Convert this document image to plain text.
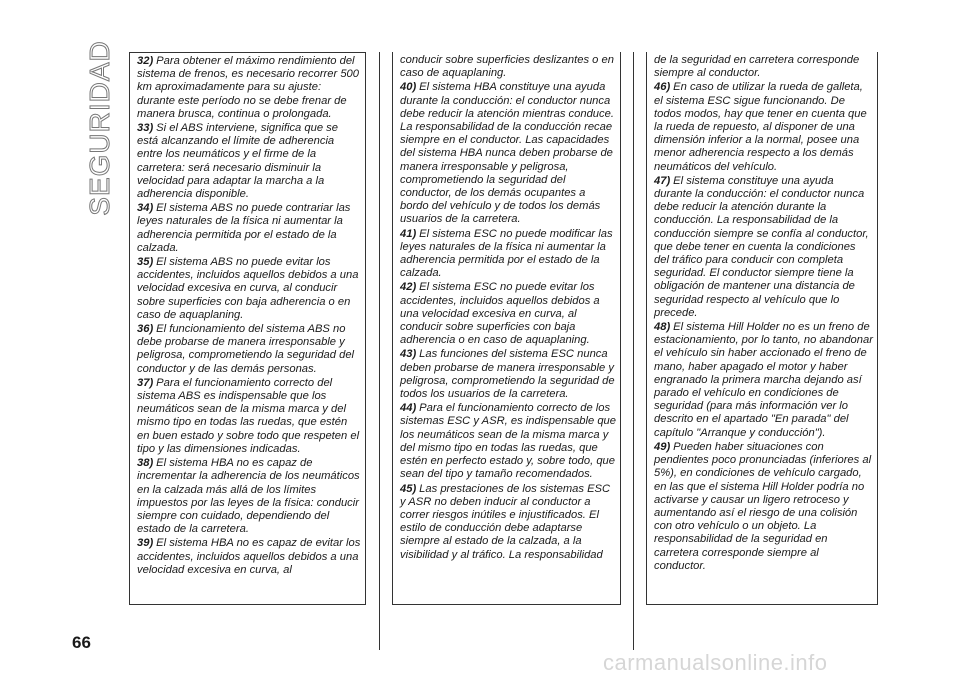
SEGURIDAD 32) Para obtener el máximo rendimiento del sistema de frenos, es necesario recorrer 500 km aproximadamente para su ajuste: durante este período no se debe frenar de manera brusca, continua o prolongada.

33) Si el ABS interviene, significa que se está alcanzando el límite de adherencia entre los neumáticos y el firme de la carretera: será necesario disminuir la velocidad para adaptar la marcha a la adherencia disponible.

34) El sistema ABS no puede contrariar las leyes naturales de la física ni aumentar la adherencia permitida por el estado de la calzada.

35) El sistema ABS no puede evitar los accidentes, incluidos aquellos debidos a una velocidad excesiva en curva, al conducir sobre superficies con baja adherencia o en caso de aquaplaning.

36) El funcionamiento del sistema ABS no debe probarse de manera irresponsable y peligrosa, comprometiendo la seguridad del conductor y de las demás personas.

37) Para el funcionamiento correcto del sistema ABS es indispensable que los neumáticos sean de la misma marca y del mismo tipo en todas las ruedas, que estén en buen estado y sobre todo que respeten el tipo y las dimensiones indicadas.

38) El sistema HBA no es capaz de incrementar la adherencia de los neumáticos en la calzada más allá de los límites impuestos por las leyes de la física: conducir siempre con cuidado, dependiendo del estado de la carretera.

39) El sistema HBA no es capaz de evitar los accidentes, incluidos aquellos debidos a una velocidad excesiva en curva, al

conducir sobre superficies deslizantes o en caso de aquaplaning.

40) El sistema HBA constituye una ayuda durante la conducción: el conductor nunca debe reducir la atención mientras conduce. La responsabilidad de la conducción recae siempre en el conductor. Las capacidades del sistema HBA nunca deben probarse de manera irresponsable y peligrosa, comprometiendo la seguridad del conductor, de los demás ocupantes a bordo del vehículo y de todos los demás usuarios de la carretera.

41) El sistema ESC no puede modificar las leyes naturales de la física ni aumentar la adherencia permitida por el estado de la calzada.

42) El sistema ESC no puede evitar los accidentes, incluidos aquellos debidos a una velocidad excesiva en curva, al conducir sobre superficies con baja adherencia o en caso de aquaplaning.

43) Las funciones del sistema ESC nunca deben probarse de manera irresponsable y peligrosa, comprometiendo la seguridad de todos los usuarios de la carretera.

44) Para el funcionamiento correcto de los sistemas ESC y ASR, es indispensable que los neumáticos sean de la misma marca y del mismo tipo en todas las ruedas, que estén en perfecto estado y, sobre todo, que sean del tipo y tamaño recomendados.

45) Las prestaciones de los sistemas ESC y ASR no deben inducir al conductor a correr riesgos inútiles e injustificados. El estilo de conducción debe adaptarse siempre al estado de la calzada, a la visibilidad y al tráfico. La responsabilidad

de la seguridad en carretera corresponde siempre al conductor.

46) En caso de utilizar la rueda de galleta, el sistema ESC sigue funcionando. De todos modos, hay que tener en cuenta que la rueda de repuesto, al disponer de una dimensión inferior a la normal, posee una menor adherencia respecto a los demás neumáticos del vehículo.

47) El sistema constituye una ayuda durante la conducción: el conductor nunca debe reducir la atención durante la conducción. La responsabilidad de la conducción siempre se confía al conductor, que debe tener en cuenta la condiciones del tráfico para conducir con completa seguridad. El conductor siempre tiene la obligación de mantener una distancia de seguridad respecto al vehículo que lo precede.

48) El sistema Hill Holder no es un freno de estacionamiento, por lo tanto, no abandonar el vehículo sin haber accionado el freno de mano, haber apagado el motor y haber engranado la primera marcha dejando así parado el vehículo en condiciones de seguridad (para más información ver lo descrito en el apartado "En parada" del capítulo "Arranque y conducción").

49) Pueden haber situaciones con pendientes poco pronunciadas (inferiores al 5%), en condiciones de vehículo cargado, en las que el sistema Hill Holder podría no activarse y causar un ligero retroceso y aumentando así el riesgo de una colisión con otro vehículo o un objeto. La responsabilidad de la seguridad en carretera corresponde siempre al conductor.

66
carmanualsonline.info
